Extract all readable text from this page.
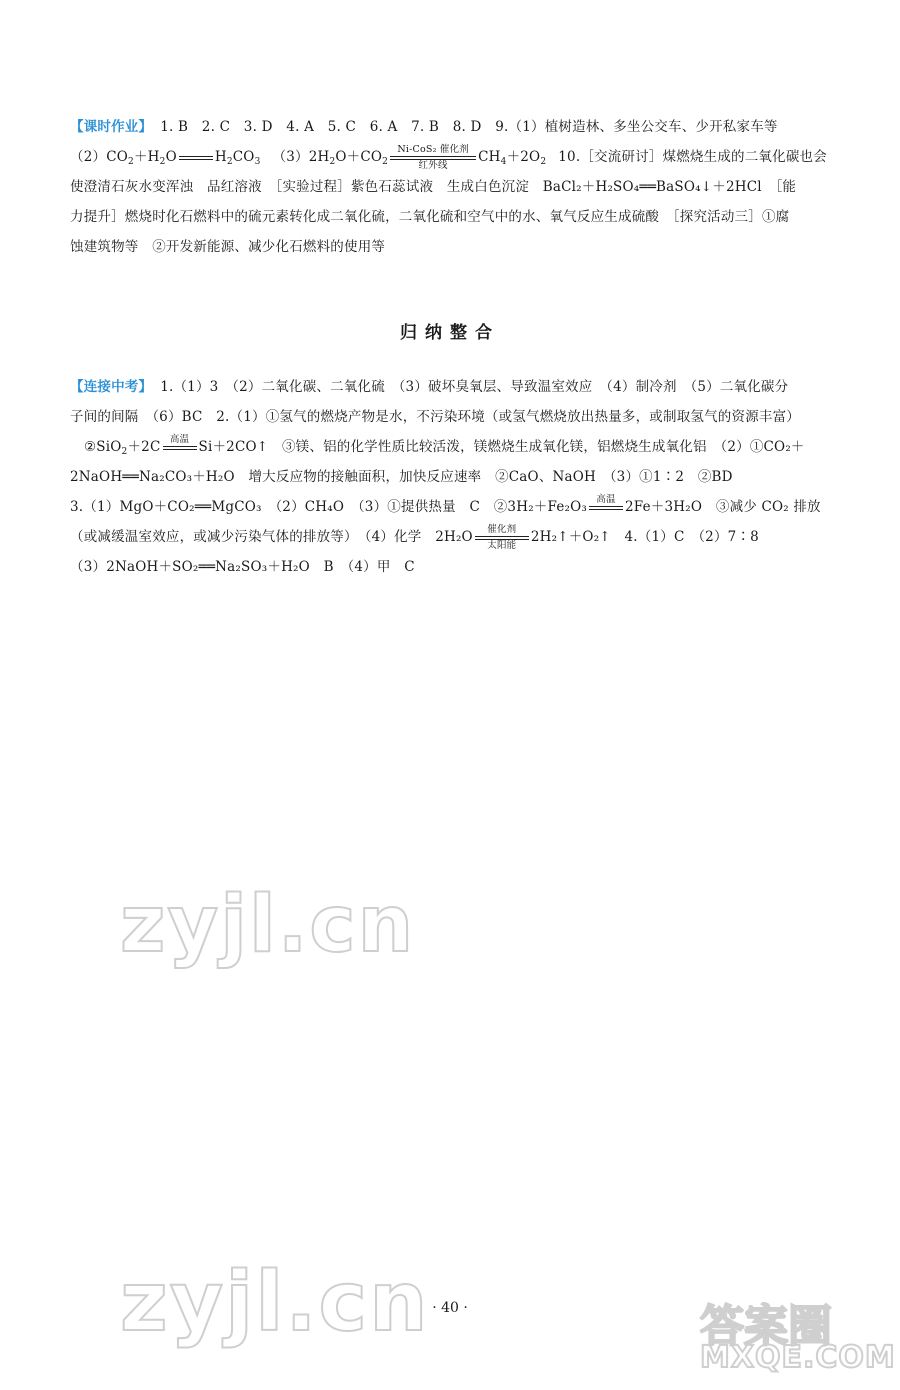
【课时作业】 1. B　2. C　3. D　4. A　5. C　6. A　7. B　8. D　9.（1）植树造林、多坐公交车、少开私家车等
$(2)CO_2+H_2O$	$H_2CO_3$ $(3)2H_2O+CO_2$
Ni-CoS₂ 催化剂
红外线 $CH_4+2O_2$ 10.［交流研讨］煤燃烧生成的二氧化碳也会
使澄清石灰水变浑浊　品红溶液　［实验过程］紫色石蕊试液　生成白色沉淀　BaCl₂＋H₂SO₄══BaSO₄↓＋2HCl　［能
力提升］燃烧时化石燃料中的硫元素转化成二氧化硫，二氧化硫和空气中的水、氧气反应生成硫酸　［探究活动三］①腐
蚀建筑物等　②开发新能源、减少化石燃料的使用等
归纳整合
【连接中考】 1.（1）3　（2）二氧化碳、二氧化硫　（3）破坏臭氧层、导致温室效应　（4）制冷剂　（5）二氧化碳分
子间的间隔　（6）BC　2.（1）①氢气的燃烧产物是水，不污染环境（或氢气燃烧放出热量多，或制取氢气的资源丰富）
②SiO$_2$＋2C 高温 Si＋2CO↑　③镁、铝的化学性质比较活泼，镁燃烧生成氧化镁，铝燃烧生成氧化铝　（2）①CO₂＋
2NaOH══Na₂CO₃＋H₂O　增大反应物的接触面积，加快反应速率　②CaO、NaOH　（3）①1∶2　②BD
3.（1）MgO＋CO₂══MgCO₃　（2）CH₄O　（3）①提供热量　C　②3H₂＋Fe₂O₃ 高温 2Fe＋3H₂O　③减少 CO₂ 排放
（或减缓温室效应，或减少污染气体的排放等）　（4）化学　2H₂O 催化剂
太阳能 2H₂↑＋O₂↑　4.（1）C　（2）7∶8
（3）2NaOH＋SO₂══Na₂SO₃＋H₂O　B　（4）甲　C
zyjl.cn
zyjl.cn	答案圈
MXQE.COM
· 40 ·
